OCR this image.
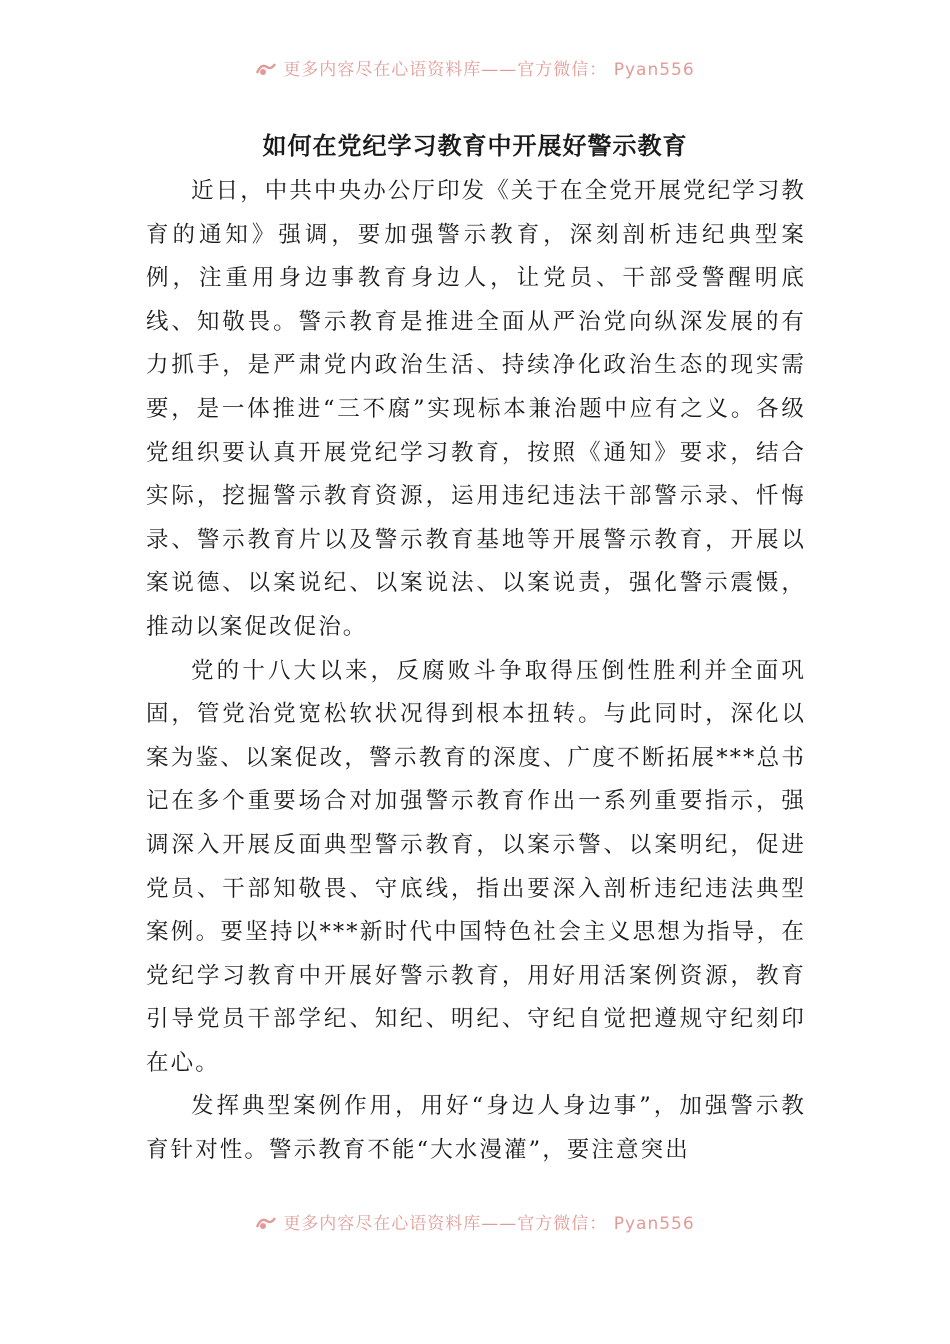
更多内容尽在心语资料库——官方微信： Pyan556
如何在党纪学习教育中开展好警示教育

近日，中共中央办公厅印发《关于在全党开展党纪学习教育的通知》强调，要加强警示教育，深刻剖析违纪典型案例，注重用身边事教育身边人，让党员、干部受警醒明底线、知敬畏。警示教育是推进全面从严治党向纵深发展的有力抓手，是严肃党内政治生活、持续净化政治生态的现实需要，是一体推进“三不腐”实现标本兼治题中应有之义。各级党组织要认真开展党纪学习教育，按照《通知》要求，结合实际，挖掘警示教育资源，运用违纪违法干部警示录、忏悔录、警示教育片以及警示教育基地等开展警示教育，开展以案说德、以案说纪、以案说法、以案说责，强化警示震慑，推动以案促改促治。

党的十八大以来，反腐败斗争取得压倒性胜利并全面巩固，管党治党宽松软状况得到根本扭转。与此同时，深化以案为鉴、以案促改，警示教育的深度、广度不断拓展***总书记在多个重要场合对加强警示教育作出一系列重要指示，强调深入开展反面典型警示教育，以案示警、以案明纪，促进党员、干部知敬畏、守底线，指出要深入剖析违纪违法典型案例。要坚持以***新时代中国特色社会主义思想为指导，在党纪学习教育中开展好警示教育，用好用活案例资源，教育引导党员干部学纪、知纪、明纪、守纪自觉把遵规守纪刻印在心。

发挥典型案例作用，用好“身边人身边事”，加强警示教育针对性。警示教育不能“大水漫灌”，要注意突出

更多内容尽在心语资料库——官方微信： Pyan556
